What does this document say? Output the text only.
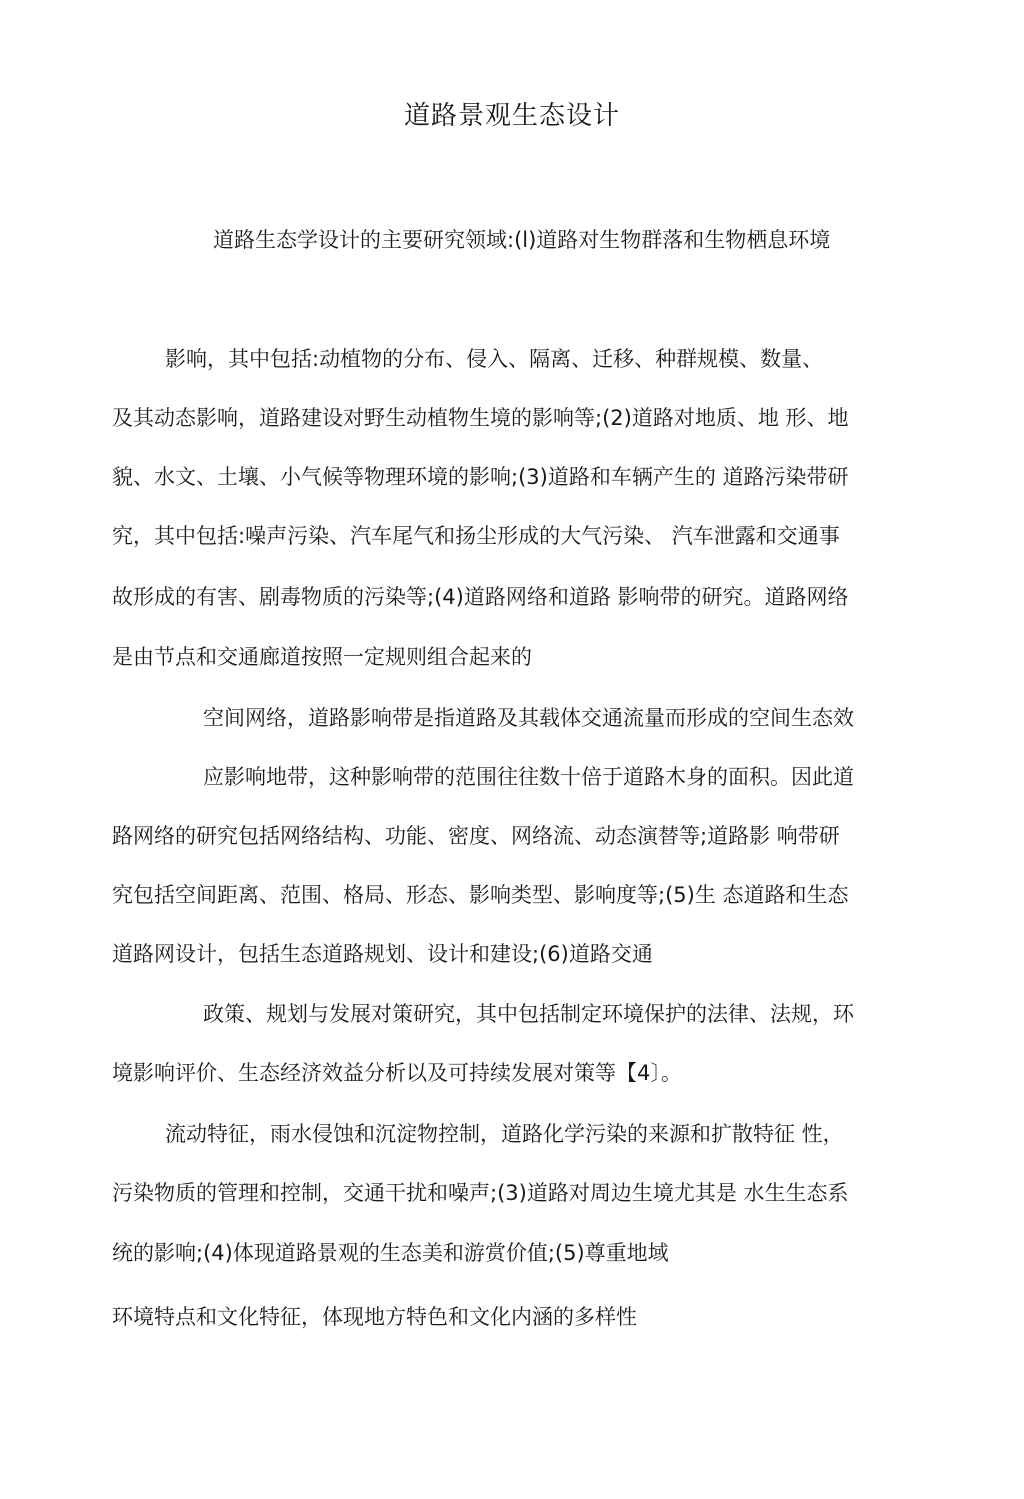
道路景观生态设计
道路生态学设计的主要研究领域:(l)道路对生物群落和生物栖息环境
影响，其中包括:动植物的分布、侵入、隔离、迁移、种群规模、数量、
及其动态影响，道路建设对野生动植物生境的影响等;(2)道路对地质、地 形、地
貌、水文、土壤、小气候等物理环境的影响;(3)道路和车辆产生的 道路污染带研
究，其中包括:噪声污染、汽车尾气和扬尘形成的大气污染、 汽车泄露和交通事
故形成的有害、剧毒物质的污染等;(4)道路网络和道路 影响带的研究。道路网络
是由节点和交通廊道按照一定规则组合起来的
空间网络，道路影响带是指道路及其载体交通流量而形成的空间生态效
应影响地带，这种影响带的范围往往数十倍于道路木身的面积。因此道
路网络的研究包括网络结构、功能、密度、网络流、动态演替等;道路影 响带研
究包括空间距离、范围、格局、形态、影响类型、影响度等;(5)生 态道路和生态
道路网设计，包括生态道路规划、设计和建设;(6)道路交通
政策、规划与发展对策研究，其中包括制定环境保护的法律、法规，环
境影响评价、生态经济效益分析以及可持续发展对策等【4〕。
流动特征，雨水侵蚀和沉淀物控制，道路化学污染的来源和扩散特征 性，
污染物质的管理和控制，交通干扰和噪声;(3)道路对周边生境尤其是 水生生态系
统的影响;(4)体现道路景观的生态美和游赏价值;(5)尊重地域
环境特点和文化特征，体现地方特色和文化内涵的多样性
